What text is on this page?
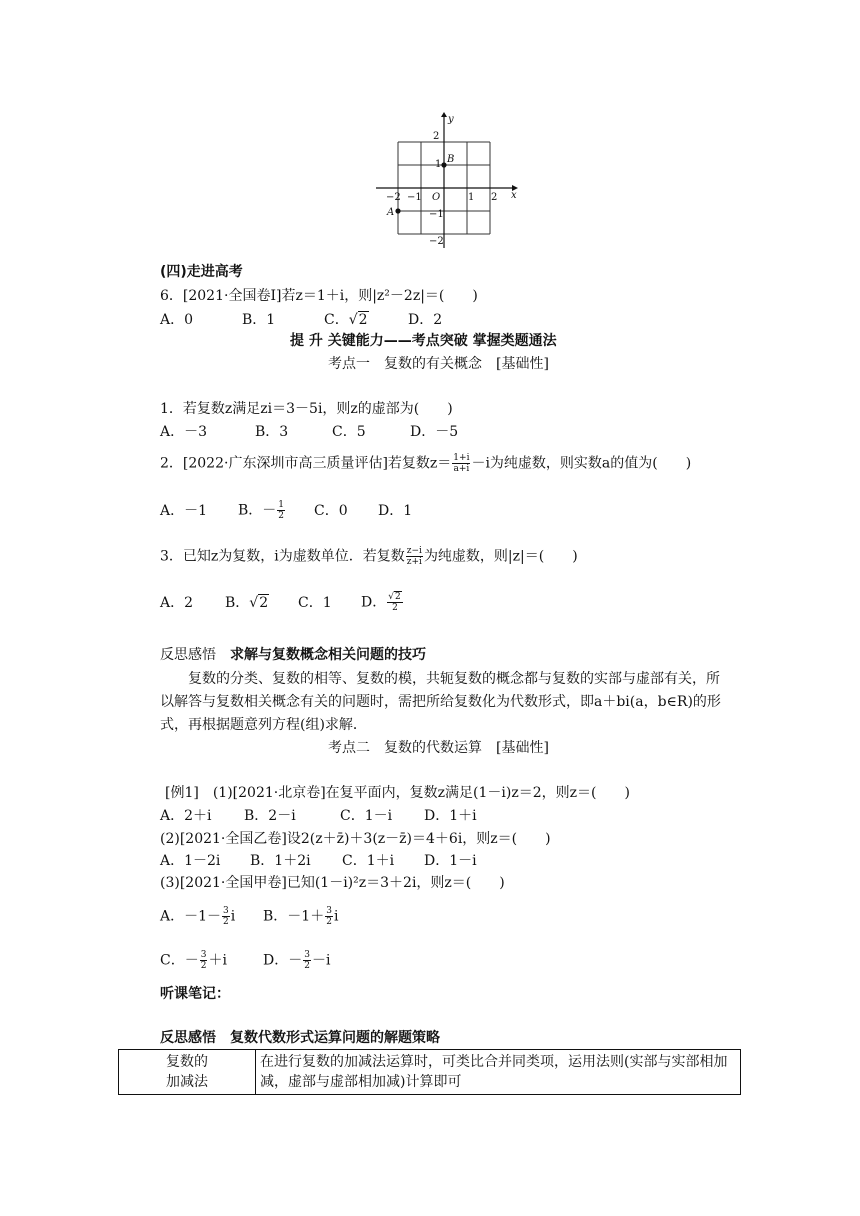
y
x
O
B
A
2
1
−1
−2
−2 −1	1 2
(四)走进高考
6．[2021·全国卷Ⅰ]若z＝1＋i，则|z²－2z|＝(　　)
A．0	B．1	C．√2	D．2
提 升 关键能力——考点突破 掌握类题通法
考点一　复数的有关概念　[基础性]
1．若复数z满足zi＝3－5i，则z的虚部为(　　)
A．－3	B．3	C．5	D．－5
2．[2022·广东深圳市高三质量评估]若复数$z= \frac{1+i}{a+i} -i$为纯虚数，则实数a的值为(　　)
A．－1 B．－ $\frac{1}{2}$ C．0 D．1
3．已知z为复数，i为虚数单位．若复数 $\frac{z-i}{z+i}$ 为纯虚数，则|z|＝(　　)
A．2 B．√2 C．1 D． $\frac{√2}{2}$
反思感悟　 求解与复数概念相关问题的技巧
复数的分类、复数的相等、复数的模，共轭复数的概念都与复数的实部与虚部有关，所
以解答与复数相关概念有关的问题时，需把所给复数化为代数形式，即a＋bi(a，b∈R)的形
式，再根据题意列方程(组)求解．
考点二　复数的代数运算　[基础性]
[例1]　(1)[2021·北京卷]在复平面内，复数z满足(1－i)z＝2，则z＝(　　)
A．2＋i B．2－i	C．1－i D．1＋i
(2)[2021·全国乙卷]设2(z＋z̄)＋3(z－z̄)＝4＋6i，则z＝(　　)
A．1－2i B．1＋2i C．1＋i D．1－i
(3)[2021·全国甲卷]已知(1－i)²z＝3＋2i，则z＝(　　)
A．$-1- \frac{3}{2}$ i B．$-1+ \frac{3}{2}$ i
C．－ $\frac{3}{2} +i$	D．－ $\frac{3}{2} -i$
听课笔记：
反思感悟　 复数代数形式运算问题的解题策略
复数的
加减法
	在进行复数的加减法运算时，可类比合并同类项，运用法则(实部与实部相加减，虚部与虚部相加减)计算即可
